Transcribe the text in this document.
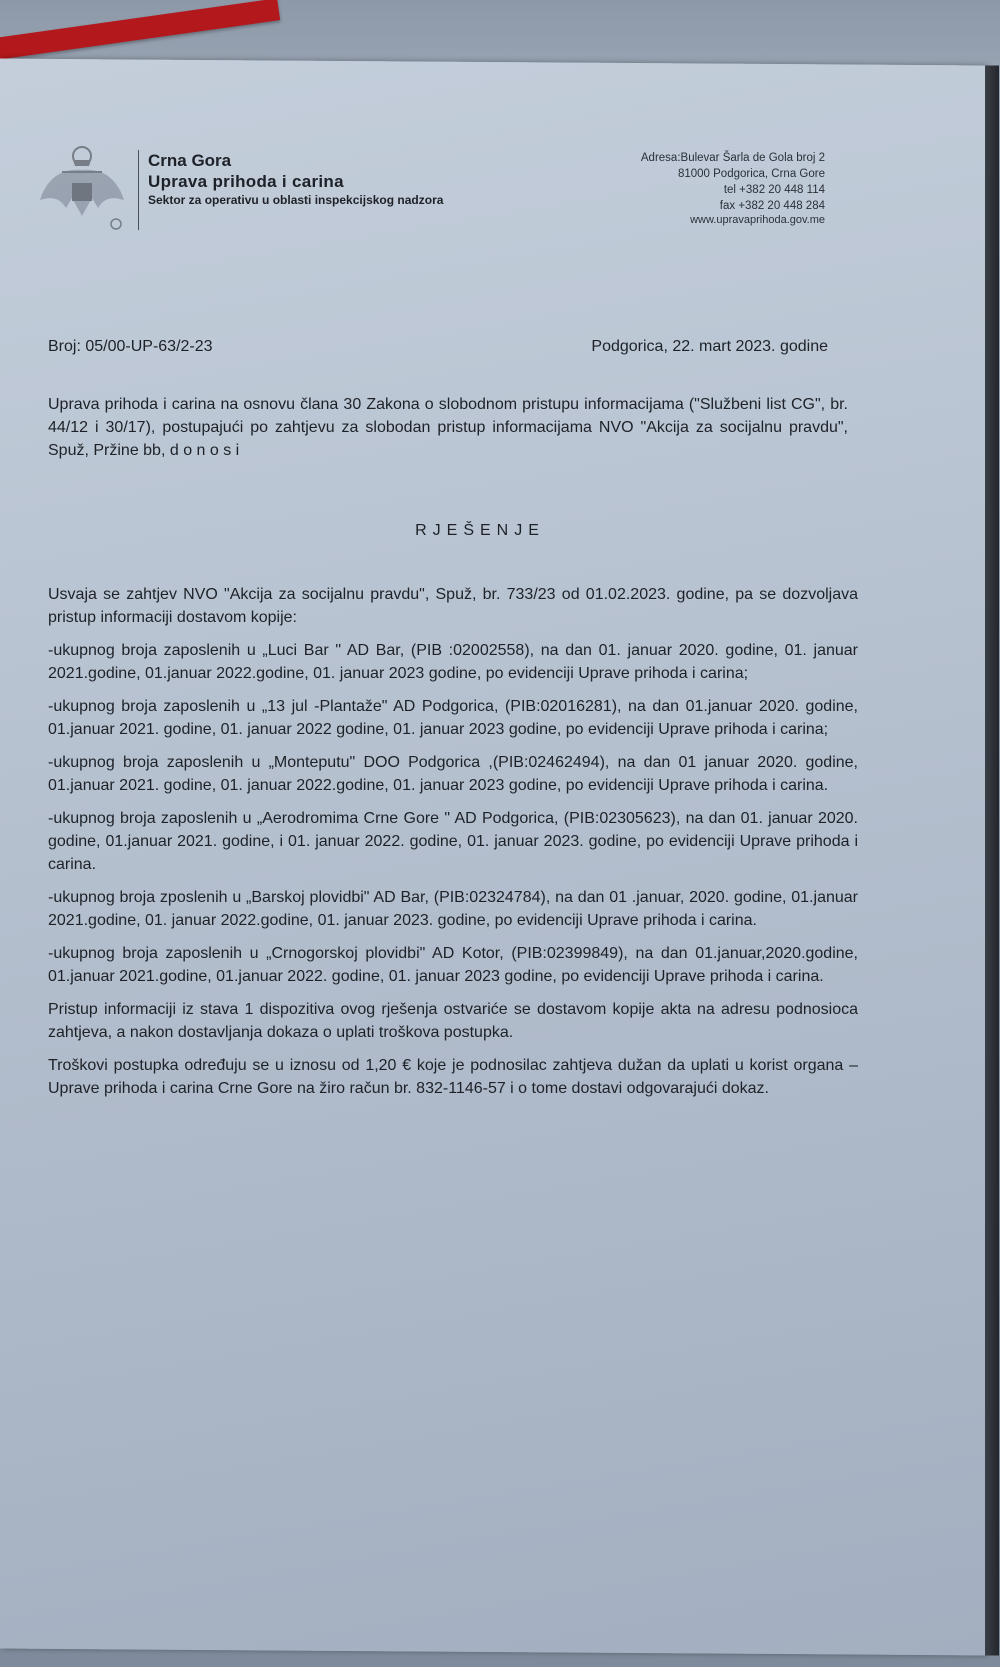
Crna Gora
Uprava prihoda i carina
Sektor za operativu u oblasti inspekcijskog nadzora
Adresa:Bulevar Šarla de Gola broj 2
81000 Podgorica, Crna Gore
tel +382 20 448 114
fax +382 20 448 284
www.upravaprihoda.gov.me
Broj: 05/00-UP-63/2-23	Podgorica, 22. mart 2023. godine
Uprava prihoda i carina na osnovu člana 30 Zakona o slobodnom pristupu informacijama ("Službeni list CG", br. 44/12 i 30/17), postupajući po zahtjevu za slobodan pristup informacijama NVO "Akcija za socijalnu pravdu", Spuž, Pržine bb, d o n o s i
RJEŠENJE

Usvaja se zahtjev NVO "Akcija za socijalnu pravdu", Spuž, br. 733/23 od 01.02.2023. godine, pa se dozvoljava pristup informaciji dostavom kopije:

-ukupnog broja zaposlenih u „Luci Bar " AD Bar, (PIB :02002558), na dan 01. januar 2020. godine, 01. januar 2021.godine, 01.januar 2022.godine, 01. januar 2023 godine, po evidenciji Uprave prihoda i carina;

-ukupnog broja zaposlenih u „13 jul -Plantaže" AD Podgorica, (PIB:02016281), na dan 01.januar 2020. godine, 01.januar 2021. godine, 01. januar 2022 godine, 01. januar 2023 godine, po evidenciji Uprave prihoda i carina;

-ukupnog broja zaposlenih u „Monteputu" DOO Podgorica ,(PIB:02462494), na dan 01 januar 2020. godine, 01.januar 2021. godine, 01. januar 2022.godine, 01. januar 2023 godine, po evidenciji Uprave prihoda i carina.

-ukupnog broja zaposlenih u „Aerodromima Crne Gore " AD Podgorica, (PIB:02305623), na dan 01. januar 2020. godine, 01.januar 2021. godine, i 01. januar 2022. godine, 01. januar 2023. godine, po evidenciji Uprave prihoda i carina.

-ukupnog broja zposlenih u „Barskoj plovidbi" AD Bar, (PIB:02324784), na dan 01 .januar, 2020. godine, 01.januar 2021.godine, 01. januar 2022.godine, 01. januar 2023. godine, po evidenciji Uprave prihoda i carina.

-ukupnog broja zaposlenih u „Crnogorskoj plovidbi" AD Kotor, (PIB:02399849), na dan 01.januar,2020.godine, 01.januar 2021.godine, 01.januar 2022. godine, 01. januar 2023 godine, po evidenciji Uprave prihoda i carina.

Pristup informaciji iz stava 1 dispozitiva ovog rješenja ostvariće se dostavom kopije akta na adresu podnosioca zahtjeva, a nakon dostavljanja dokaza o uplati troškova postupka.

Troškovi postupka određuju se u iznosu od 1,20 € koje je podnosilac zahtjeva dužan da uplati u korist organa – Uprave prihoda i carina Crne Gore na žiro račun br. 832-1146-57 i o tome dostavi odgovarajući dokaz.
